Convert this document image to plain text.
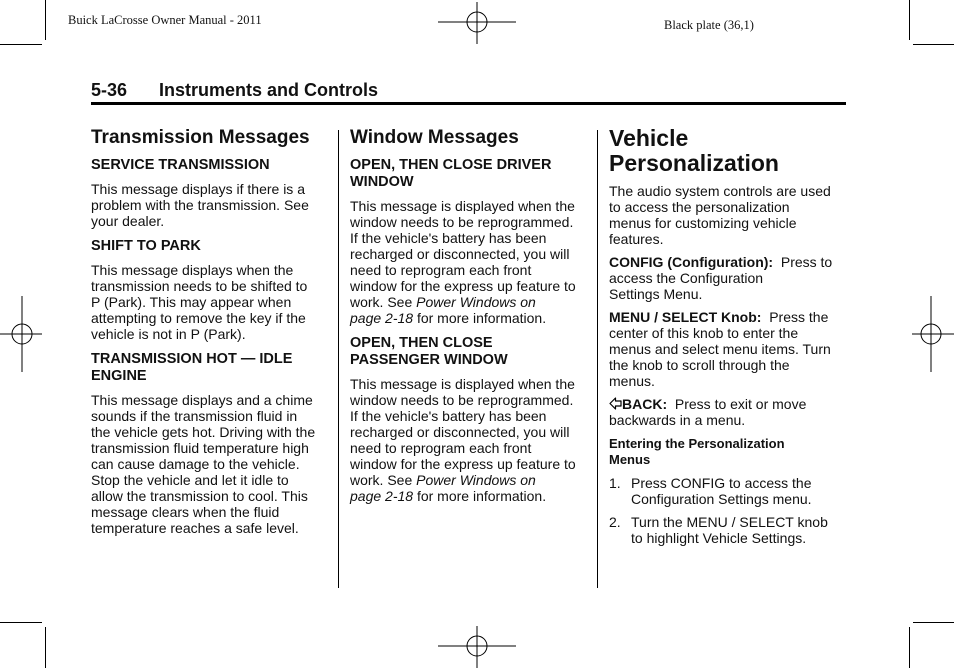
Buick LaCrosse Owner Manual - 2011	Black plate (36,1)
5-36 Instruments and Controls

Transmission Messages

SERVICE TRANSMISSION

This message displays if there is a

problem with the transmission. See

your dealer.

SHIFT TO PARK

This message displays when the

transmission needs to be shifted to

P (Park). This may appear when

attempting to remove the key if the

vehicle is not in P (Park).

TRANSMISSION HOT — IDLE

ENGINE

This message displays and a chime

sounds if the transmission fluid in

the vehicle gets hot. Driving with the

transmission fluid temperature high

can cause damage to the vehicle.

Stop the vehicle and let it idle to

allow the transmission to cool. This

message clears when the fluid

temperature reaches a safe level.

Window Messages

OPEN, THEN CLOSE DRIVER

WINDOW

This message is displayed when the

window needs to be reprogrammed.

If the vehicle's battery has been

recharged or disconnected, you will

need to reprogram each front

window for the express up feature to

work. See Power Windows on

page 2‑18 for more information.

OPEN, THEN CLOSE

PASSENGER WINDOW

This message is displayed when the

window needs to be reprogrammed.

If the vehicle's battery has been

recharged or disconnected, you will

need to reprogram each front

window for the express up feature to

work. See Power Windows on

page 2‑18 for more information.

Vehicle

Personalization

The audio system controls are used

to access the personalization

menus for customizing vehicle

features.

CONFIG (Configuration):  Press to

access the Configuration

Settings Menu.

MENU / SELECT Knob:  Press the

center of this knob to enter the

menus and select menu items. Turn

the knob to scroll through the

menus.

BACK:  Press to exit or move

backwards in a menu.

Entering the Personalization

Menus

1. Press CONFIG to access the

Configuration Settings menu.

2. Turn the MENU / SELECT knob

to highlight Vehicle Settings.
